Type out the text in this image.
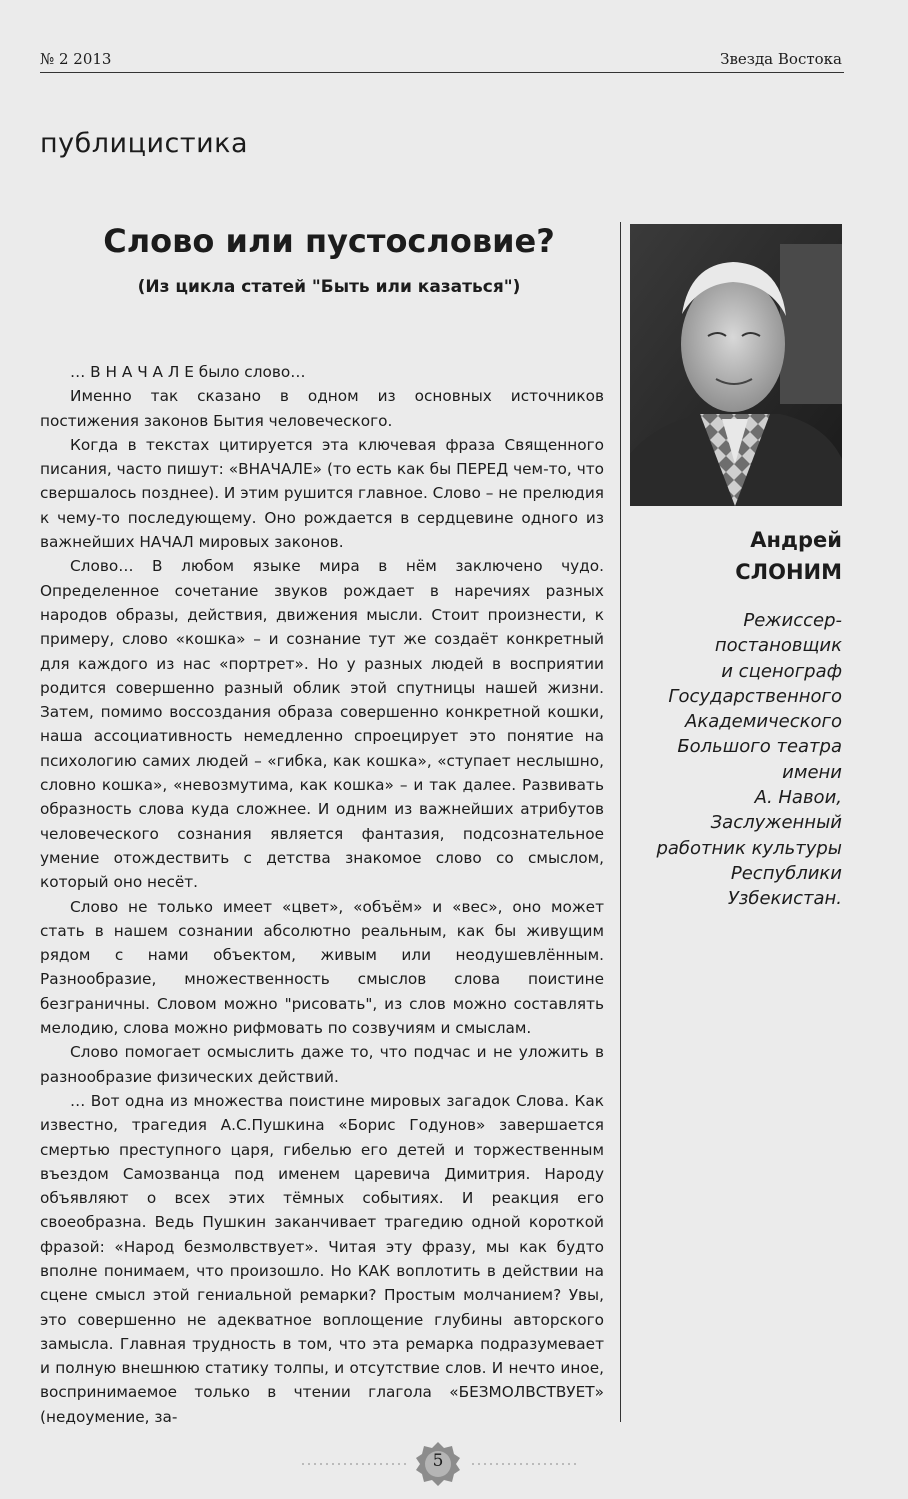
№ 2 2013	Звезда Востока
публицистика
Слово или пустословие?
(Из цикла статей "Быть или казаться")

… В Н А Ч А Л Е было слово…

Именно так сказано в одном из основных источников постижения законов Бытия человеческого.

Когда в текстах цитируется эта ключевая фраза Священного писания, часто пишут: «ВНАЧАЛЕ» (то есть как бы ПЕРЕД чем-то, что свершалось позднее). И этим рушится главное. Слово – не прелюдия к чему-то последующему. Оно рождается в сердцевине одного из важнейших НАЧАЛ мировых законов.

Слово… В любом языке мира в нём заключено чудо. Определенное сочетание звуков рождает в наречиях разных народов образы, действия, движения мысли. Стоит произнести, к примеру, слово «кошка» – и сознание тут же создаёт конкретный для каждого из нас «портрет». Но у разных людей в восприятии родится совершенно разный облик этой спутницы нашей жизни. Затем, помимо воссоздания образа совершенно конкретной кошки, наша ассоциативность немедленно спроецирует это понятие на психологию самих людей – «гибка, как кошка», «ступает неслышно, словно кошка», «невозмутима, как кошка» – и так далее. Развивать образность слова куда сложнее. И одним из важнейших атрибутов человеческого сознания является фантазия, подсознательное умение отождествить с детства знакомое слово со смыслом, который оно несёт.

Слово не только имеет «цвет», «объём» и «вес», оно может стать в нашем сознании абсолютно реальным, как бы живущим рядом с нами объектом, живым или неодушевлённым. Разнообразие, множественность смыслов слова поистине безграничны. Словом можно "рисовать", из слов можно составлять мелодию, слова можно рифмовать по созвучиям и смыслам.

Слово помогает осмыслить даже то, что подчас и не уложить в разнообразие физических действий.

… Вот одна из множества поистине мировых загадок Слова. Как известно, трагедия А.С.Пушкина «Борис Годунов» завершается смертью преступного царя, гибелью его детей и торжественным въездом Самозванца под именем царевича Димитрия. Народу объявляют о всех этих тёмных событиях. И реакция его своеобразна. Ведь Пушкин заканчивает трагедию одной короткой фразой: «Народ безмолвствует». Читая эту фразу, мы как будто вполне понимаем, что произошло. Но КАК воплотить в действии на сцене смысл этой гениальной ремарки? Простым молчанием? Увы, это совершенно не адекватное воплощение глубины авторского замысла. Главная трудность в том, что эта ремарка подразумевает и полную внешнюю статику толпы, и отсутствие слов. И нечто иное, воспринимаемое только в чтении глагола «БЕЗМОЛВСТВУЕТ» (недоумение, за-

Андрей
СЛОНИМ
Режиссер-
постановщик
и сценограф
Государственного
Академического
Большого театра
имени
А. Навои,
Заслуженный
работник культуры
Республики
Узбекистан.
5
